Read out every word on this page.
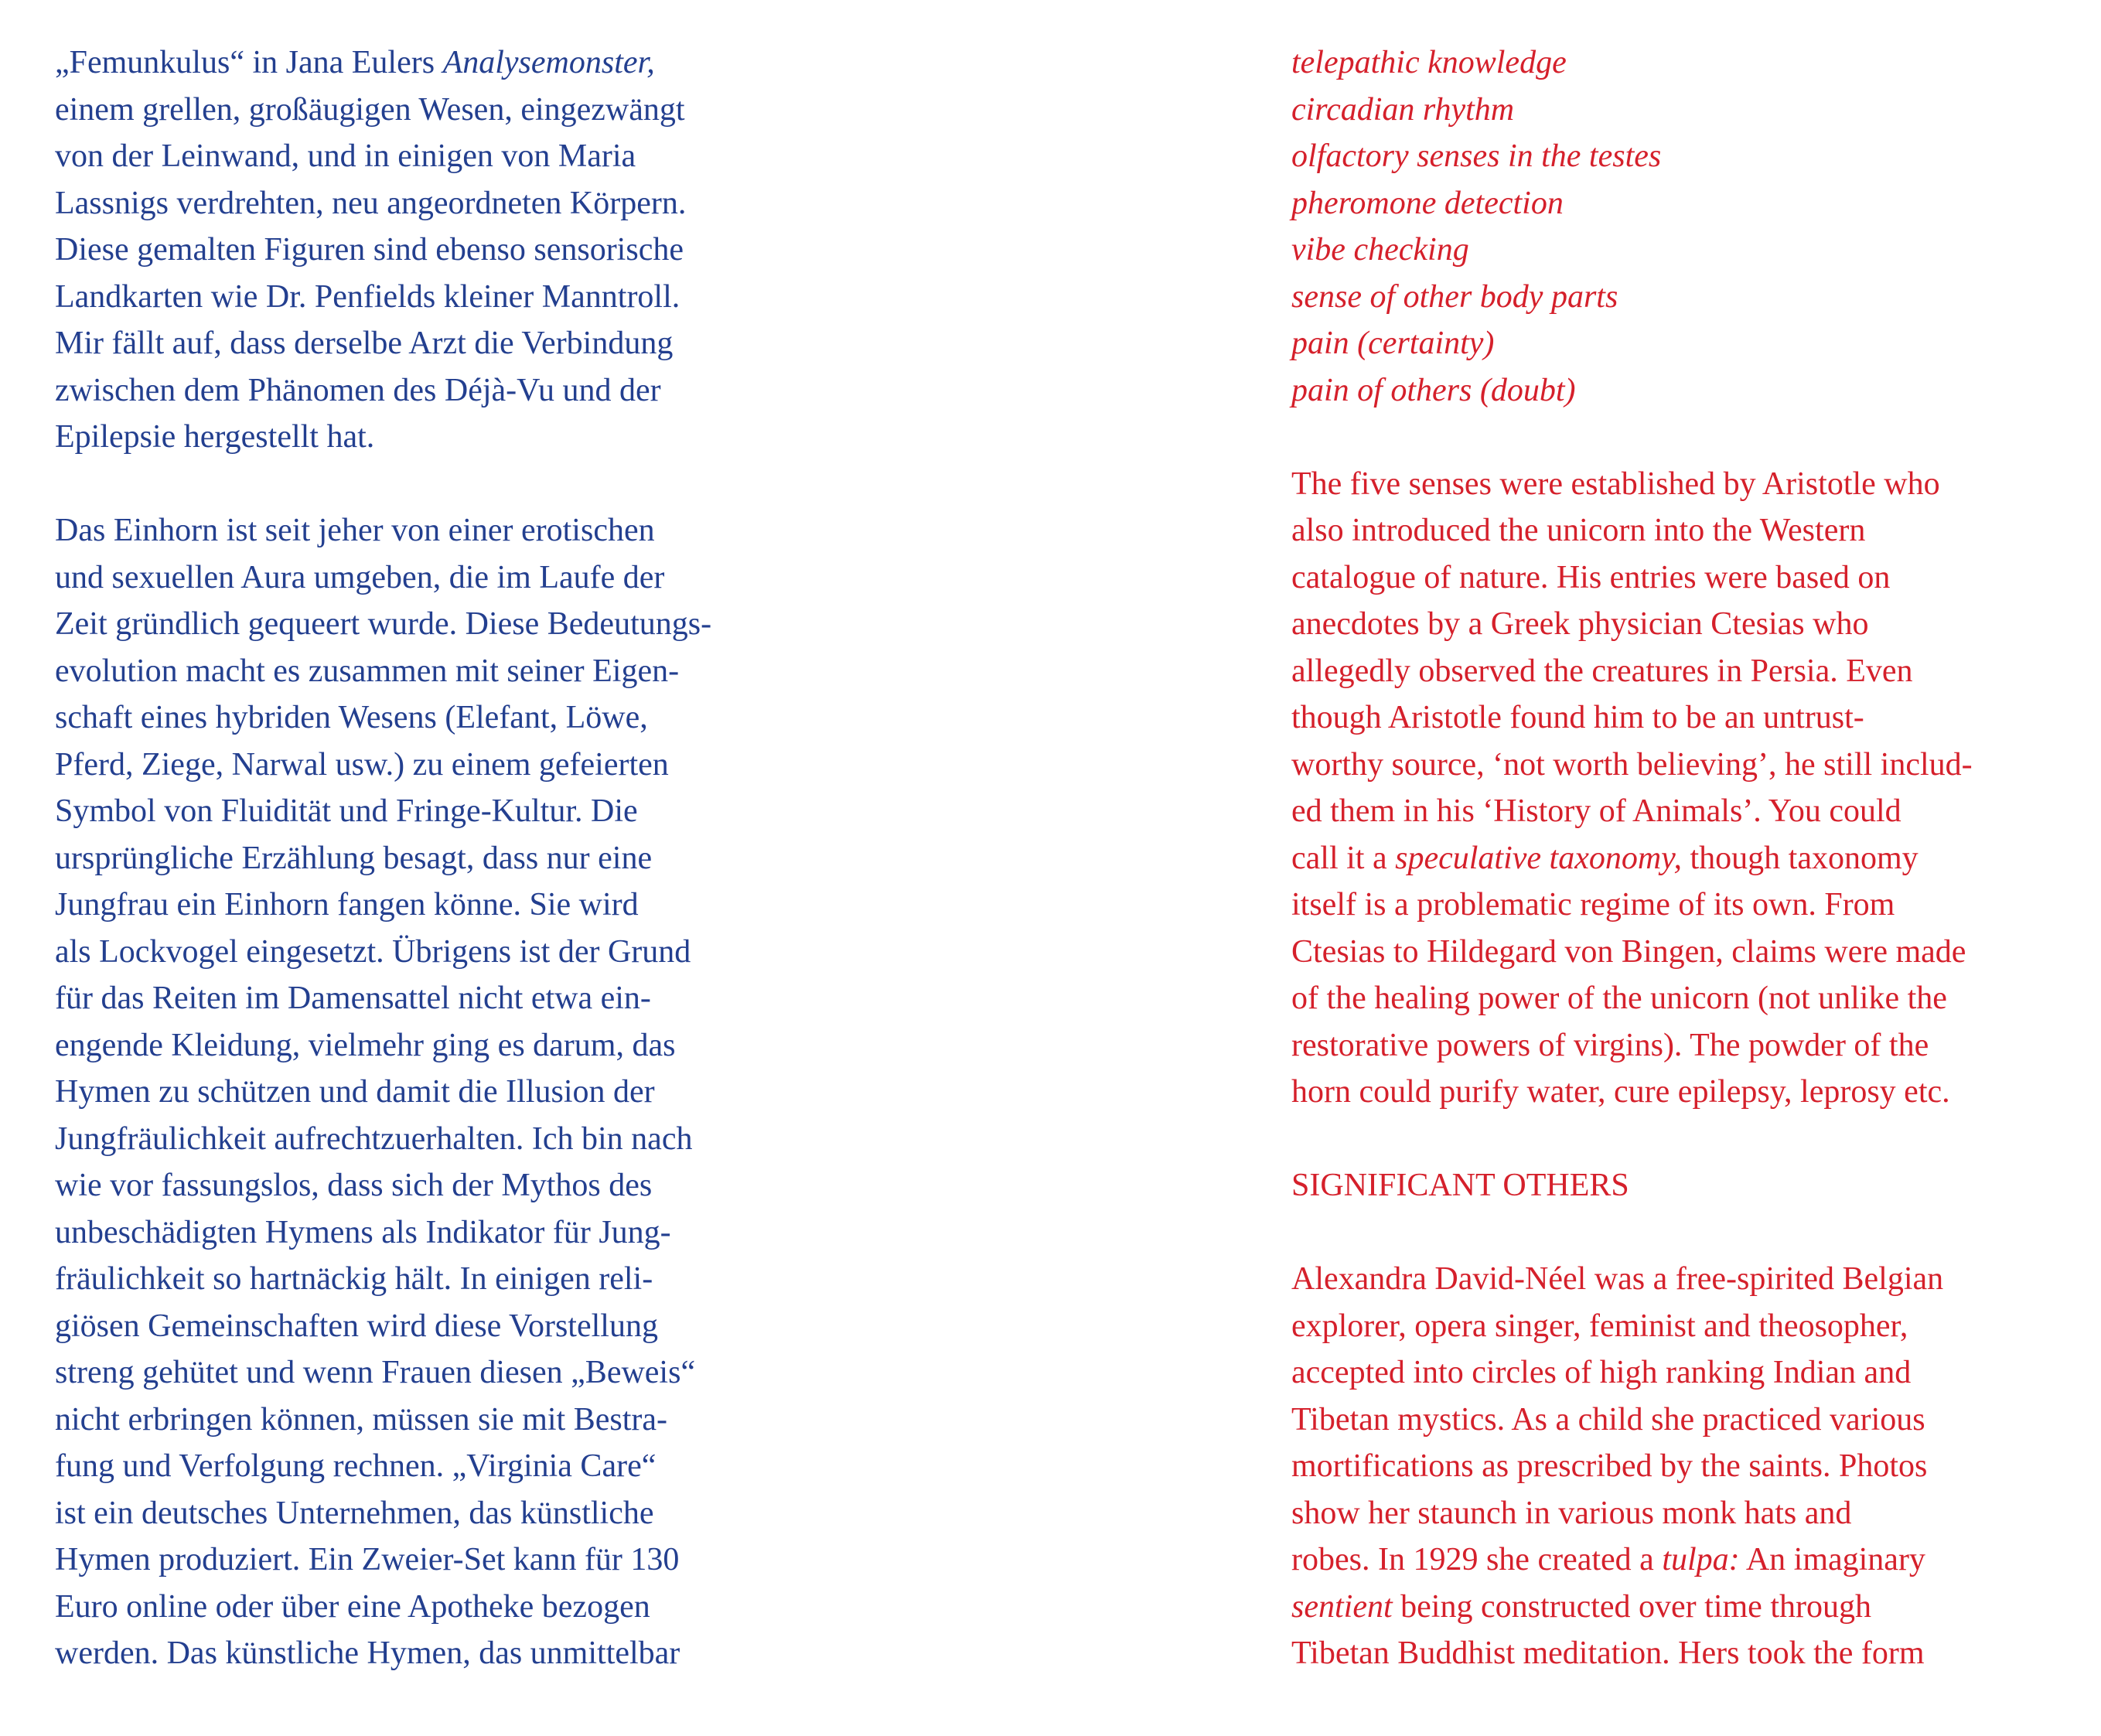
„Femunkulus“ in Jana Eulers Analysemonster,
einem grellen, großäugigen Wesen, eingezwängt
von der Leinwand, und in einigen von Maria
Lassnigs verdrehten, neu angeordneten Körpern.
Diese gemalten Figuren sind ebenso sensorische
Landkarten wie Dr. Penfields kleiner Manntroll.
Mir fällt auf, dass derselbe Arzt die Verbindung
zwischen dem Phänomen des Déjà-Vu und der
Epilepsie hergestellt hat.
Das Einhorn ist seit jeher von einer erotischen
und sexuellen Aura umgeben, die im Laufe der
Zeit gründlich gequeert wurde. Diese Bedeutungs-
evolution macht es zusammen mit seiner Eigen-
schaft eines hybriden Wesens (Elefant, Löwe,
Pferd, Ziege, Narwal usw.) zu einem gefeierten
Symbol von Fluidität und Fringe-Kultur. Die
ursprüngliche Erzählung besagt, dass nur eine
Jungfrau ein Einhorn fangen könne. Sie wird
als Lockvogel eingesetzt. Übrigens ist der Grund
für das Reiten im Damensattel nicht etwa ein-
engende Kleidung, vielmehr ging es darum, das
Hymen zu schützen und damit die Illusion der
Jungfräulichkeit aufrechtzuerhalten. Ich bin nach
wie vor fassungslos, dass sich der Mythos des
unbeschädigten Hymens als Indikator für Jung-
fräulichkeit so hartnäckig hält. In einigen reli-
giösen Gemeinschaften wird diese Vorstellung
streng gehütet und wenn Frauen diesen „Beweis“
nicht erbringen können, müssen sie mit Bestra-
fung und Verfolgung rechnen. „Virginia Care“
ist ein deutsches Unternehmen, das künstliche
Hymen produziert. Ein Zweier-Set kann für 130
Euro online oder über eine Apotheke bezogen
werden. Das künstliche Hymen, das unmittelbar
telepathic knowledge
circadian rhythm
olfactory senses in the testes
pheromone detection
vibe checking
sense of other body parts
pain (certainty)
pain of others (doubt)
The five senses were established by Aristotle who
also introduced the unicorn into the Western
catalogue of nature. His entries were based on
anecdotes by a Greek physician Ctesias who
allegedly observed the creatures in Persia. Even
though Aristotle found him to be an untrust-
worthy source, ‘not worth believing’, he still includ-
ed them in his ‘History of Animals’. You could
call it a speculative taxonomy, though taxonomy
itself is a problematic regime of its own. From
Ctesias to Hildegard von Bingen, claims were made
of the healing power of the unicorn (not unlike the
restorative powers of virgins). The powder of the
horn could purify water, cure epilepsy, leprosy etc.
SIGNIFICANT OTHERS
Alexandra David-Néel was a free-spirited Belgian
explorer, opera singer, feminist and theosopher,
accepted into circles of high ranking Indian and
Tibetan mystics. As a child she practiced various
mortifications as prescribed by the saints. Photos
show her staunch in various monk hats and
robes. In 1929 she created a tulpa: An imaginary
sentient being constructed over time through
Tibetan Buddhist meditation. Hers took the form
